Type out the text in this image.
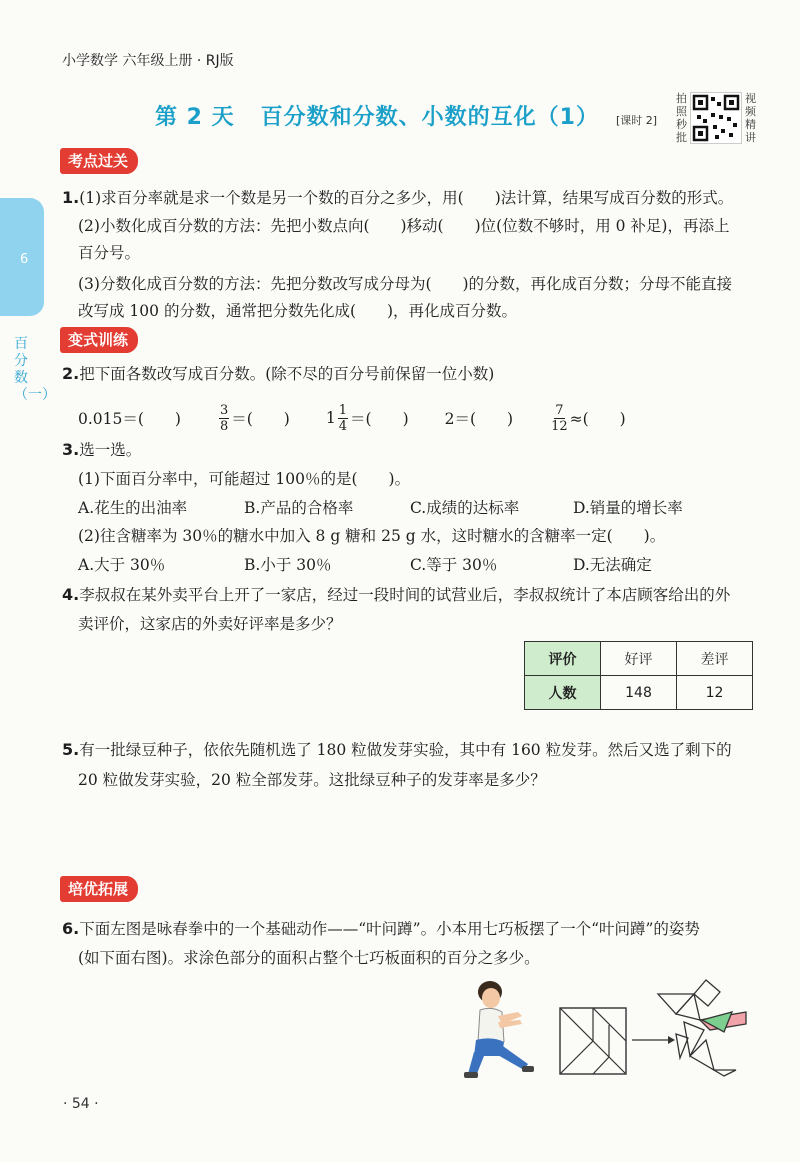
小学数学 六年级上册 · RJ版
第 2 天 百分数和分数、小数的互化（1） [课时 2]
拍照秒批
视频精讲
6
百分数（一）
考点过关
1.(1)求百分率就是求一个数是另一个数的百分之多少，用(　　)法计算，结果写成百分数的形式。
(2)小数化成百分数的方法：先把小数点向(　　)移动(　　)位(位数不够时，用 0 补足)，再添上
百分号。
(3)分数化成百分数的方法：先把分数改写成分母为(　　)的分数，再化成百分数；分母不能直接
改写成 100 的分数，通常把分数先化成(　　)，再化成百分数。
变式训练
2.把下面各数改写成百分数。(除不尽的百分号前保留一位小数)
0.015＝(　　)	$\frac{3}{8}$ ＝(　　) $1 \frac{1}{4}$ ＝(　　) 2＝(　　)	$\frac{7}{12}$ ≈(　　)
3.选一选。
(1)下面百分率中，可能超过 100％的是(　　)。
A.花生的出油率	B.产品的合格率	C.成绩的达标率	D.销量的增长率
(2)往含糖率为 30％的糖水中加入 8 g 糖和 25 g 水，这时糖水的含糖率一定(　　)。
A.大于 30％	B.小于 30％	C.等于 30％	D.无法确定
4.李叔叔在某外卖平台上开了一家店，经过一段时间的试营业后，李叔叔统计了本店顾客给出的外
卖评价，这家店的外卖好评率是多少？
评价	好评	差评
人数	148	12
5.有一批绿豆种子，依依先随机选了 180 粒做发芽实验，其中有 160 粒发芽。然后又选了剩下的
20 粒做发芽实验，20 粒全部发芽。这批绿豆种子的发芽率是多少？
培优拓展
6.下面左图是咏春拳中的一个基础动作——“叶问蹲”。小本用七巧板摆了一个“叶问蹲”的姿势
(如下面右图)。求涂色部分的面积占整个七巧板面积的百分之多少。
· 54 ·
